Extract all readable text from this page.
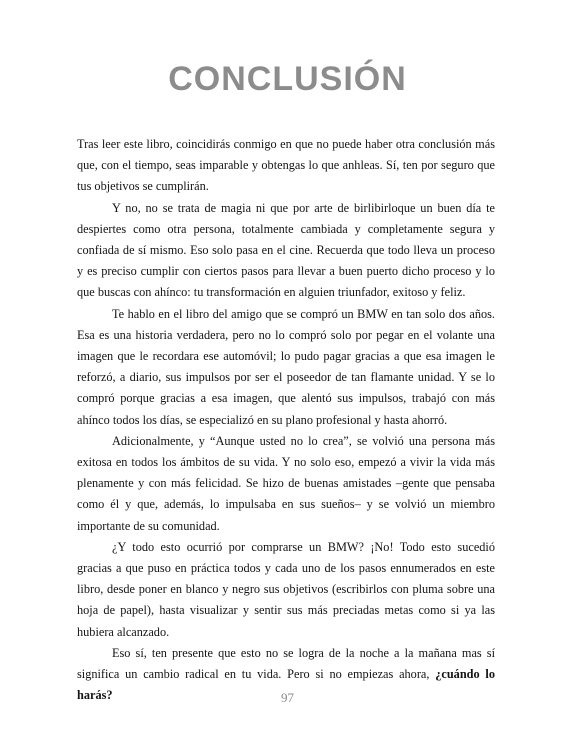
CONCLUSIÓN

Tras leer este libro, coincidirás conmigo en que no puede haber otra conclusión más que, con el tiempo, seas imparable y obtengas lo que anhleas. Sí, ten por seguro que tus objetivos se cumplirán.

Y no, no se trata de magia ni que por arte de birlibirloque un buen día te despiertes como otra persona, totalmente cambiada y completamente segura y confiada de sí mismo. Eso solo pasa en el cine. Recuerda que todo lleva un proceso y es preciso cumplir con ciertos pasos para llevar a buen puerto dicho proceso y lo que buscas con ahínco: tu transformación en alguien triunfador, exitoso y feliz.

Te hablo en el libro del amigo que se compró un BMW en tan solo dos años. Esa es una historia verdadera, pero no lo compró solo por pegar en el volante una imagen que le recordara ese automóvil; lo pudo pagar gracias a que esa imagen le reforzó, a diario, sus impulsos por ser el poseedor de tan flamante unidad. Y se lo compró porque gracias a esa imagen, que alentó sus impulsos, trabajó con más ahínco todos los días, se especializó en su plano profesional y hasta ahorró.

Adicionalmente, y “Aunque usted no lo crea”, se volvió una persona más exitosa en todos los ámbitos de su vida. Y no solo eso, empezó a vivir la vida más plenamente y con más felicidad. Se hizo de buenas amistades –gente que pensaba como él y que, además, lo impulsaba en sus sueños– y se volvió un miembro importante de su comunidad.

¿Y todo esto ocurrió por comprarse un BMW? ¡No! Todo esto sucedió gracias a que puso en práctica todos y cada uno de los pasos ennumerados en este libro, desde poner en blanco y negro sus objetivos (escribirlos con pluma sobre una hoja de papel), hasta visualizar y sentir sus más preciadas metas como si ya las hubiera alcanzado.

Eso sí, ten presente que esto no se logra de la noche a la mañana mas sí significa un cambio radical en tu vida. Pero si no empiezas ahora, ¿cuándo lo harás?	97
